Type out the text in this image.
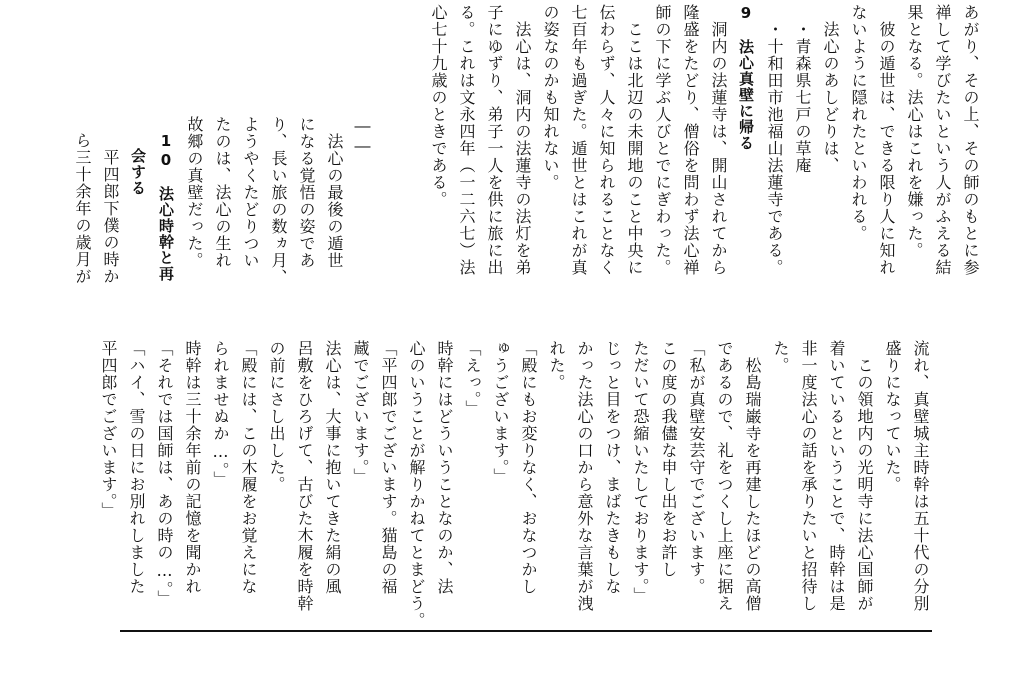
あがり、その上、その師のもとに参
禅して学びたいという人がふえる結
果となる。法心はこれを嫌った。
　彼の遁世は、できる限り人に知れ
ないように隠れたといわれる。
　法心のあしどりは、
　・青森県七戸の草庵
　・十和田市池福山法蓮寺である。
9　法心真壁に帰る
　洞内の法蓮寺は、開山されてから
隆盛をたどり、僧俗を問わず法心禅
師の下に学ぶ人びとでにぎわった。
　ここは北辺の未開地のこと中央に
伝わらず、人々に知られることなく
七百年も過ぎた。遁世とはこれが真
の姿なのかも知れない。
　法心は、洞内の法蓮寺の法灯を弟
子にゆずり、弟子一人を供に旅に出
る。これは文永四年（一二六七）法
心七十九歳のときである。
――
　法心の最後の遁世
になる覚悟の姿であ
り、長い旅の数ヵ月、
ようやくたどりつい
たのは、法心の生れ
故郷の真壁だった。
10　法心時幹と再
　会する
　平四郎下僕の時か
ら三十余年の歳月が
流れ、真壁城主時幹は五十代の分別
盛りになっていた。
　この領地内の光明寺に法心国師が
着いているということで、時幹は是
非一度法心の話を承りたいと招待し
た。
　松島瑞巌寺を再建したほどの高僧
であるので、礼をつくし上座に据え
「私が真壁安芸守でございます。
この度の我儘な申し出をお許し
ただいて恐縮いたしております。」
じっと目をつけ、まばたきもしな
かった法心の口から意外な言葉が洩
れた。
「殿にもお変りなく、おなつかし
ゅうございます。」
「えっ。」
時幹にはどういうことなのか、法
心のいうことが解りかねてとまどう。
「平四郎でございます。猫島の福
蔵でございます。」
法心は、大事に抱いてきた絹の風
呂敷をひろげて、古びた木履を時幹
の前にさし出した。
「殿には、この木履をお覚えにな
られませぬか…。」
時幹は三十余年前の記憶を聞かれ
「それでは国師は、あの時の…。」
「ハイ、雪の日にお別れしました
平四郎でございます。」
